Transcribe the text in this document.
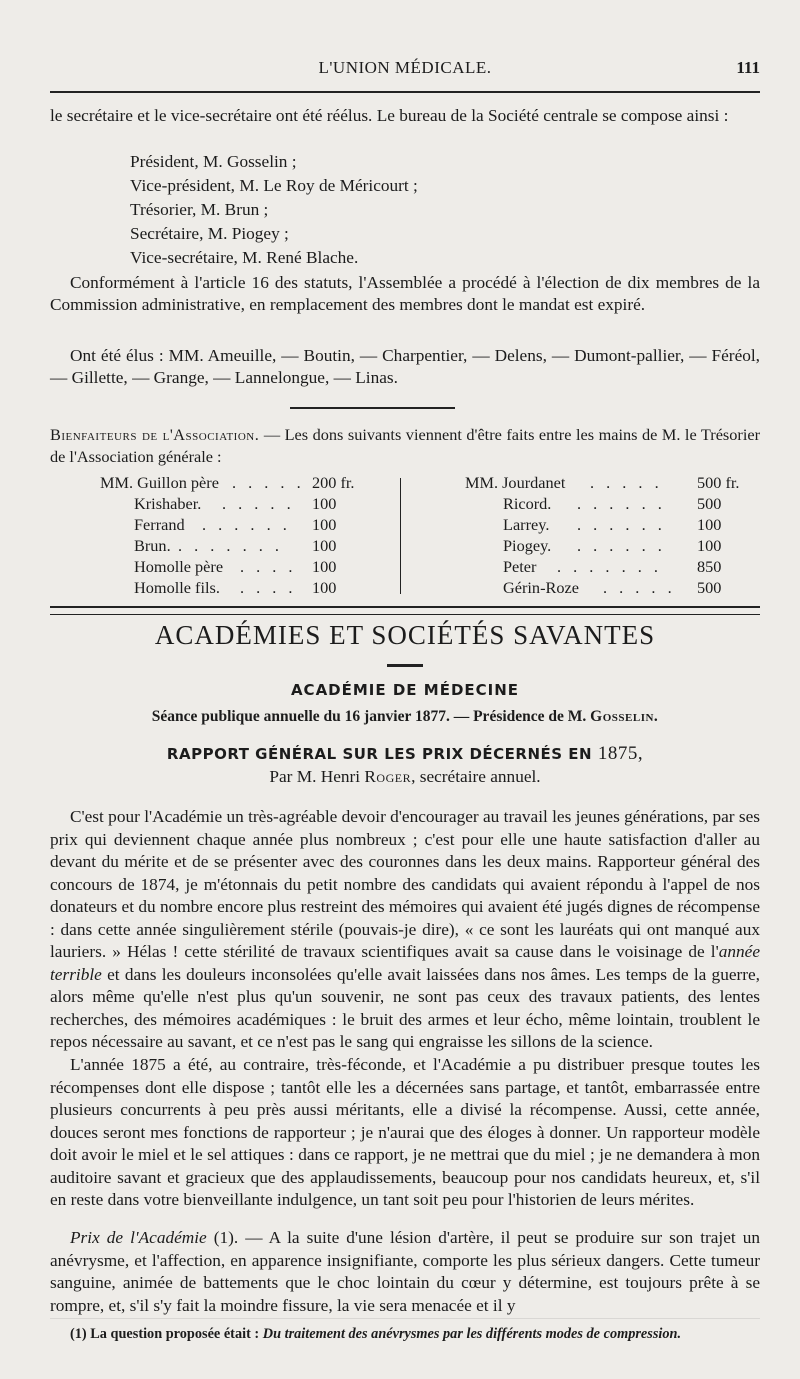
L'UNION MÉDICALE.	111
le secrétaire et le vice-secrétaire ont été réélus. Le bureau de la Société centrale se compose ainsi :
Président, M. Gosselin ;
Vice-président, M. Le Roy de Méricourt ;
Trésorier, M. Brun ;
Secrétaire, M. Piogey ;
Vice-secrétaire, M. René Blache.
Conformément à l'article 16 des statuts, l'Assemblée a procédé à l'élection de dix membres de la Commission administrative, en remplacement des membres dont le mandat est expiré.
Ont été élus : MM. Ameuille, — Boutin, — Charpentier, — Delens, — Dumont-pallier, — Féréol, — Gillette, — Grange, — Lannelongue, — Linas.
Bienfaiteurs de l'Association. — Les dons suivants viennent d'être faits entre les mains de M. le Trésorier de l'Association générale :
MM. Guillon père . . . . . 200 fr.
Krishaber. . . . . . 100
Ferrand . . . . . . 100
Brun. . . . . . . . 100
Homolle père . . . . 100
Homolle fils. . . . . 100
MM. Jourdanet . . . . . 500 fr.
Ricord. . . . . . . 500
Larrey. . . . . . . 100
Piogey. . . . . . . 100
Peter . . . . . . . 850
Gérin-Roze . . . . . 500
ACADÉMIES ET SOCIÉTÉS SAVANTES
ACADÉMIE DE MÉDECINE
Séance publique annuelle du 16 janvier 1877. — Présidence de M. Gosselin.
RAPPORT GÉNÉRAL SUR LES PRIX DÉCERNÉS EN 1875,
Par M. Henri Roger, secrétaire annuel.
C'est pour l'Académie un très-agréable devoir d'encourager au travail les jeunes générations, par ses prix qui deviennent chaque année plus nombreux ; c'est pour elle une haute satisfaction d'aller au devant du mérite et de se présenter avec des couronnes dans les deux mains. Rapporteur général des concours de 1874, je m'étonnais du petit nombre des candidats qui avaient répondu à l'appel de nos donateurs et du nombre encore plus restreint des mémoires qui avaient été jugés dignes de récompense : dans cette année singulièrement stérile (pouvais-je dire), « ce sont les lauréats qui ont manqué aux lauriers. » Hélas ! cette stérilité de travaux scientifiques avait sa cause dans le voisinage de l'année terrible et dans les douleurs inconsolées qu'elle avait laissées dans nos âmes. Les temps de la guerre, alors même qu'elle n'est plus qu'un souvenir, ne sont pas ceux des travaux patients, des lentes recherches, des mémoires académiques : le bruit des armes et leur écho, même lointain, troublent le repos nécessaire au savant, et ce n'est pas le sang qui engraisse les sillons de la science.
L'année 1875 a été, au contraire, très-féconde, et l'Académie a pu distribuer presque toutes les récompenses dont elle dispose ; tantôt elle les a décernées sans partage, et tantôt, embarrassée entre plusieurs concurrents à peu près aussi méritants, elle a divisé la récompense. Aussi, cette année, douces seront mes fonctions de rapporteur ; je n'aurai que des éloges à donner. Un rapporteur modèle doit avoir le miel et le sel attiques : dans ce rapport, je ne mettrai que du miel ; je ne demandera à mon auditoire savant et gracieux que des applaudissements, beaucoup pour nos candidats heureux, et, s'il en reste dans votre bienveillante indulgence, un tant soit peu pour l'historien de leurs mérites.
Prix de l'Académie (1). — A la suite d'une lésion d'artère, il peut se produire sur son trajet un anévrysme, et l'affection, en apparence insignifiante, comporte les plus sérieux dangers. Cette tumeur sanguine, animée de battements que le choc lointain du cœur y détermine, est toujours prête à se rompre, et, s'il s'y fait la moindre fissure, la vie sera menacée et il y
(1) La question proposée était : Du traitement des anévrysmes par les différents modes de compression.
